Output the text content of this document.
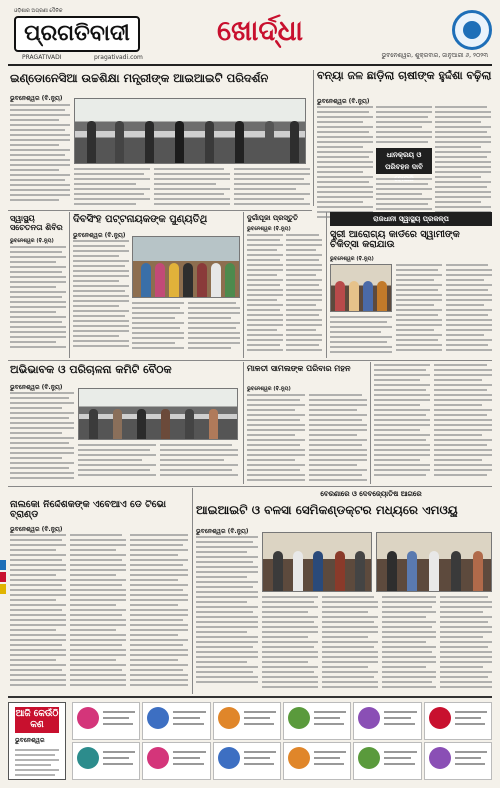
ଓଡ଼ିଶାର ଅଗ୍ରଣୀ ଦୈନିକ
ପ୍ରଗତିବାଦୀ
PRAGATIVADI	pragativadi.com
ଖୋର୍ଦ୍ଧା
ଭୁବନେଶ୍ୱର, ଶୁକ୍ରବାର, ଜାନୁଆରୀ ୬, ୨୦୨୩
ଇଣ୍ଡୋନେସିଆ ଉଚ୍ଚଶିକ୍ଷା ମନ୍ତ୍ରୀଙ୍କ ଆଇଆଇଟି ପରିଦର୍ଶନ
ଭୁବନେଶ୍ୱର (ବି.ନ୍ୟୁ)
ବନ୍ୟା ଜଳ ଛାଡ଼ିଲା ଚାଷୀଙ୍କ ହୁର୍ଦ୍ଦଶା ବଢ଼ିଲା
ଭୁବନେଶ୍ୱର (ବି.ନ୍ୟୁ)
ଧାନକ୍ରୟ ଓ ପରିବହନ ଦାବି
ସ୍ୱାସ୍ଥ୍ୟ ସଚେତନତା ଶିବିର
ଭୁବନେଶ୍ୱର (ବି.ନ୍ୟୁ)
ଦିବସିଂହ ପଟ୍ଟନାୟକଙ୍କ ପୁଣ୍ୟତିଥି
ଭୁବନେଶ୍ୱର (ବି.ନ୍ୟୁ)
ଦୁର୍ଗାପୂଜା ପ୍ରସ୍ତୁତି
ଭୁବନେଶ୍ୱର (ବି.ନ୍ୟୁ)
ରାଜଧାନୀ ସ୍ୱାସ୍ଥ୍ୟ ପ୍ରକଳ୍ପ
ସ୍ତ୍ରୀ ଆରୋଗ୍ୟ କାର୍ଡରେ ସ୍ୱାମୀଙ୍କ ଚିକିତ୍ସା କରାଯାଉ
ଭୁବନେଶ୍ୱର (ବି.ନ୍ୟୁ)
ଅଭିଭାବକ ଓ ପରିଚାଳନା କମିଟି ବୈଠକ
ଭୁବନେଶ୍ୱର (ବି.ନ୍ୟୁ)
ମାଳତୀ ସାମଲଙ୍କ ପରିବାର ମହନ
ଭୁବନେଶ୍ୱର (ବି.ନ୍ୟୁ)
ବେରଣାରେ ଓ ଦେବଜ୍ୟୋତିଷ ଆଗରେ
ଆଇଆଇଟି ଓ ବଳସା ସେମିକଣ୍ଡକ୍ଟର ମଧ୍ୟରେ ଏମଓୟୁ
ଭୁବନେଶ୍ୱର (ବି.ନ୍ୟୁ)
ନାଲକୋ ନିର୍ଦ୍ଦେଶକଙ୍କ ଏବେଆଏ ଡେ ଟିଭୋ ବ୍ରାଣ୍ଡ
ଭୁବନେଶ୍ୱର (ବି.ନ୍ୟୁ)
ଆଜି କେଉଁଠି କଣ
ଭୁବନେଶ୍ୱର
